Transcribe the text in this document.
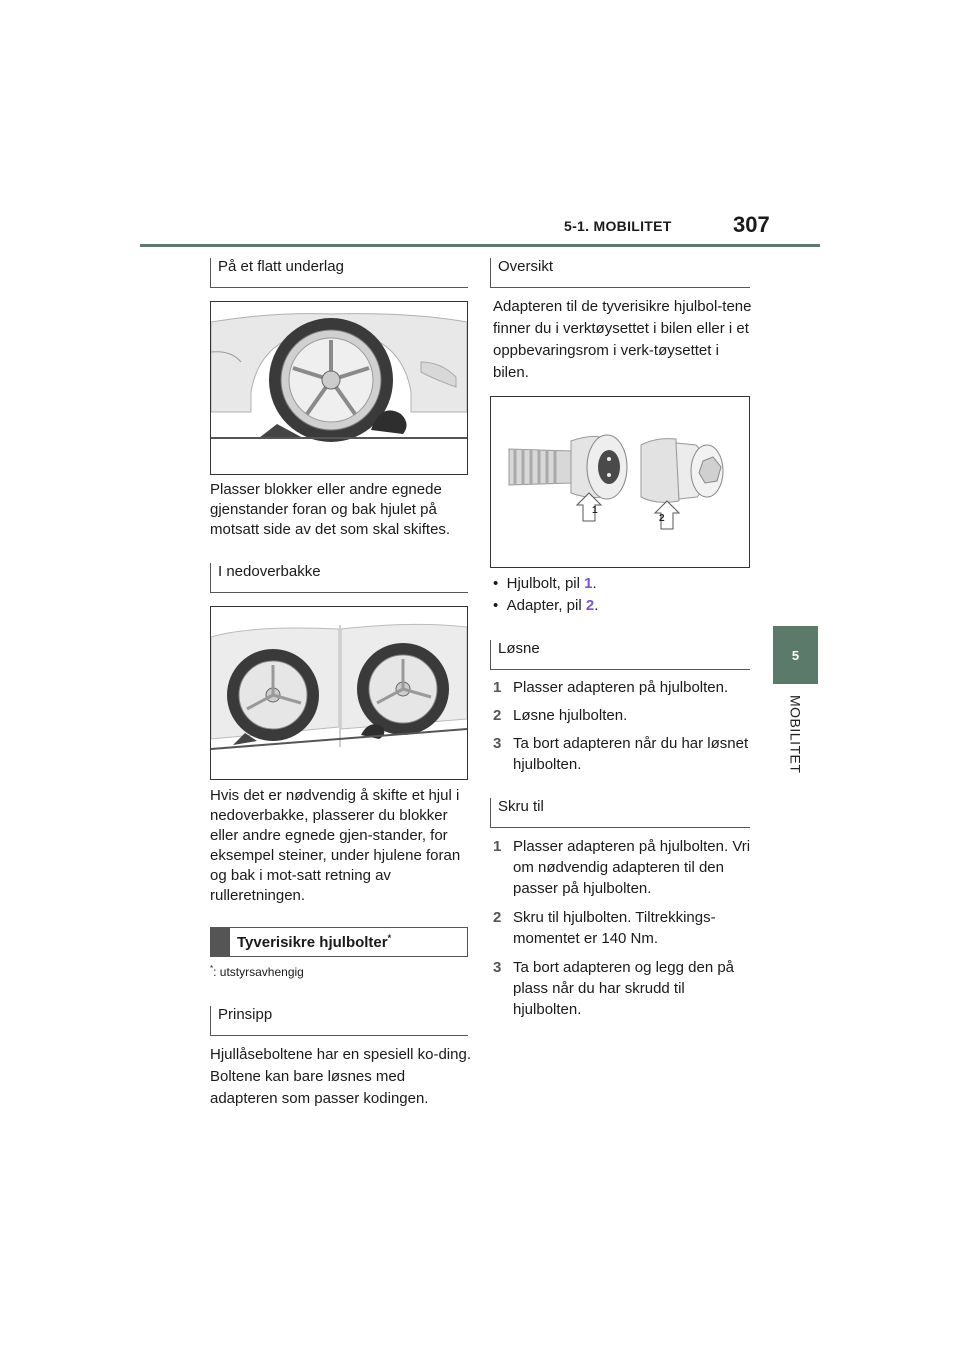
5-1. MOBILITET	307
5
MOBILITET
På et flatt underlag
Plasser blokker eller andre egnede gjenstander foran og bak hjulet på motsatt side av det som skal skiftes.
I nedoverbakke
Hvis det er nødvendig å skifte et hjul i nedoverbakke, plasserer du blokker eller andre egnede gjen-stander, for eksempel steiner, under hjulene foran og bak i mot-satt retning av rulleretningen.
Tyverisikre hjulbolter*
*: utstyrsavhengig
Prinsipp
Hjullåseboltene har en spesiell ko-ding. Boltene kan bare løsnes med adapteren som passer kodingen.
Oversikt
Adapteren til de tyverisikre hjulbol-tene finner du i verktøysettet i bilen eller i et oppbevaringsrom i verk-tøysettet i bilen.
1
2
• Hjulbolt, pil 1.
• Adapter, pil 2.
Løsne
1 Plasser adapteren på hjulbolten.
2 Løsne hjulbolten.
3 Ta bort adapteren når du har løsnet hjulbolten.
Skru til
1 Plasser adapteren på hjulbolten. Vri om nødvendig adapteren til den passer på hjulbolten.
2 Skru til hjulbolten. Tiltrekkings-momentet er 140 Nm.
3 Ta bort adapteren og legg den på plass når du har skrudd til hjulbolten.
